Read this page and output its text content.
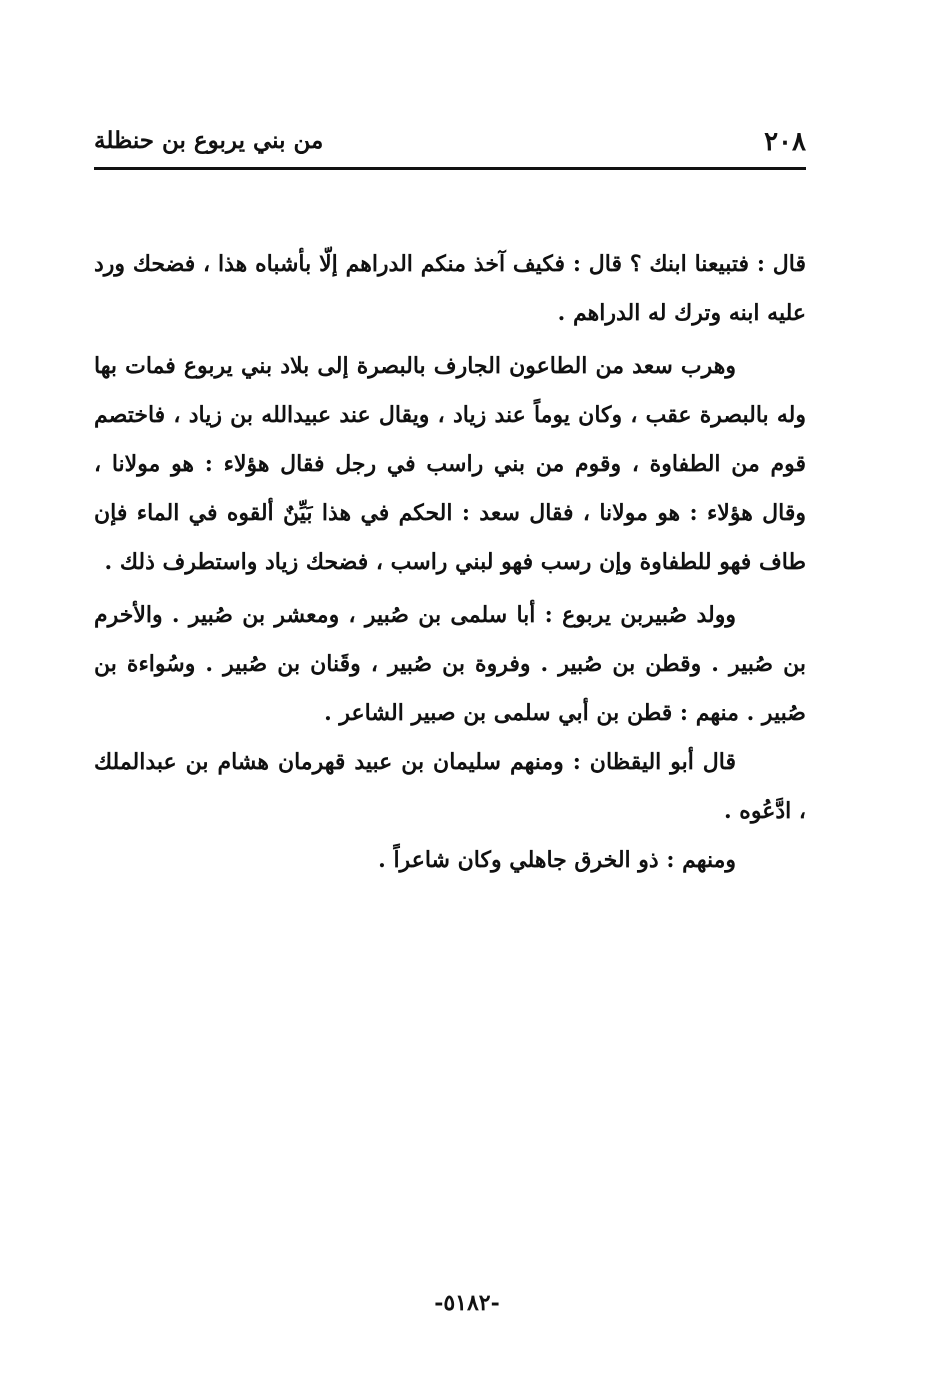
٢٠٨
من بني يربوع بن حنظلة

قال : فتبيعنا ابنك ؟ قال : فكيف آخذ منكم الدراهم إلّا بأشباه هذا ، فضحك ورد عليه ابنه وترك له الدراهم .

وهرب سعد من الطاعون الجارف بالبصرة إلى بلاد بني يربوع فمات بها وله بالبصرة عقب ، وكان يوماً عند زياد ، ويقال عند عبيدالله بن زياد ، فاختصم قوم من الطفاوة ، وقوم من بني راسب في رجل فقال هؤلاء : هو مولانا ، وقال هؤلاء : هو مولانا ، فقال سعد : الحكم في هذا بَيِّنٌ ألقوه في الماء فإن طاف فهو للطفاوة وإن رسب فهو لبني راسب ، فضحك زياد واستطرف ذلك .

وولد صُبيربن يربوع : أبا سلمى بن صُبير ، ومعشر بن صُبير . والأخرم بن صُبير . وقطن بن صُبير . وفروة بن صُبير ، وقَنان بن صُبير . وسُواءة بن صُبير . منهم : قطن بن أبي سلمى بن صبير الشاعر .

قال أبو اليقظان : ومنهم سليمان بن عبيد قهرمان هشام بن عبدالملك ، ادَّعُوه .

ومنهم : ذو الخرق جاهلي وكان شاعراً .

-٥١٨٢-
